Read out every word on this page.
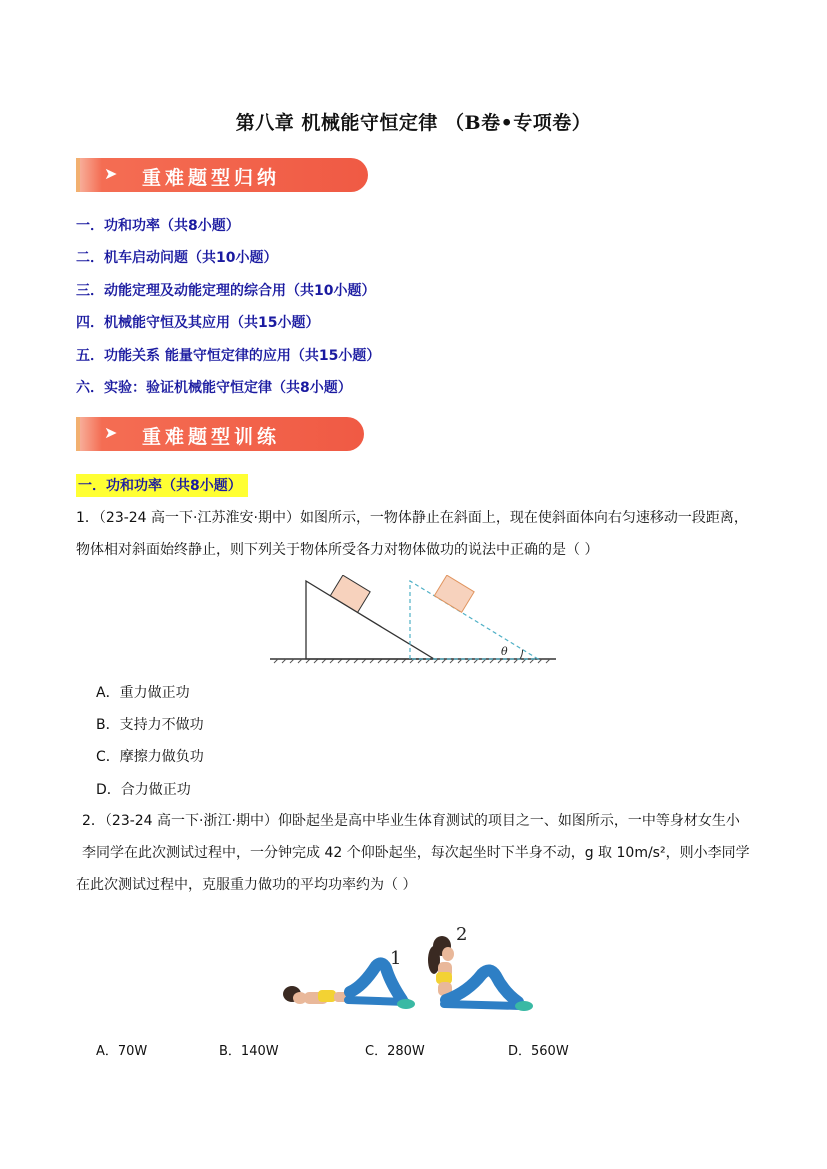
第八章 机械能守恒定律 （B卷•专项卷）
➤ 重难题型归纳
一．功和功率（共8小题）
二．机车启动问题（共10小题）
三．动能定理及动能定理的综合用（共10小题）
四．机械能守恒及其应用（共15小题）
五．功能关系 能量守恒定律的应用（共15小题）
六．实验：验证机械能守恒定律（共8小题）
➤ 重难题型训练
一．功和功率（共8小题）
1．（23-24 高一下·江苏淮安·期中）如图所示，一物体静止在斜面上，现在使斜面体向右匀速移动一段距离，
物体相对斜面始终静止，则下列关于物体所受各力对物体做功的说法中正确的是（ ）
θ
A．重力做正功
B．支持力不做功
C．摩擦力做负功
D．合力做正功
2．（23-24 高一下·浙江·期中）仰卧起坐是高中毕业生体育测试的项目之一、如图所示，一中等身材女生小
李同学在此次测试过程中，一分钟完成 42 个仰卧起坐，每次起坐时下半身不动，g 取 10m/s²，则小李同学
在此次测试过程中，克服重力做功的平均功率约为（ ）
1
2
A．70W	B．140W	C．280W	D．560W
